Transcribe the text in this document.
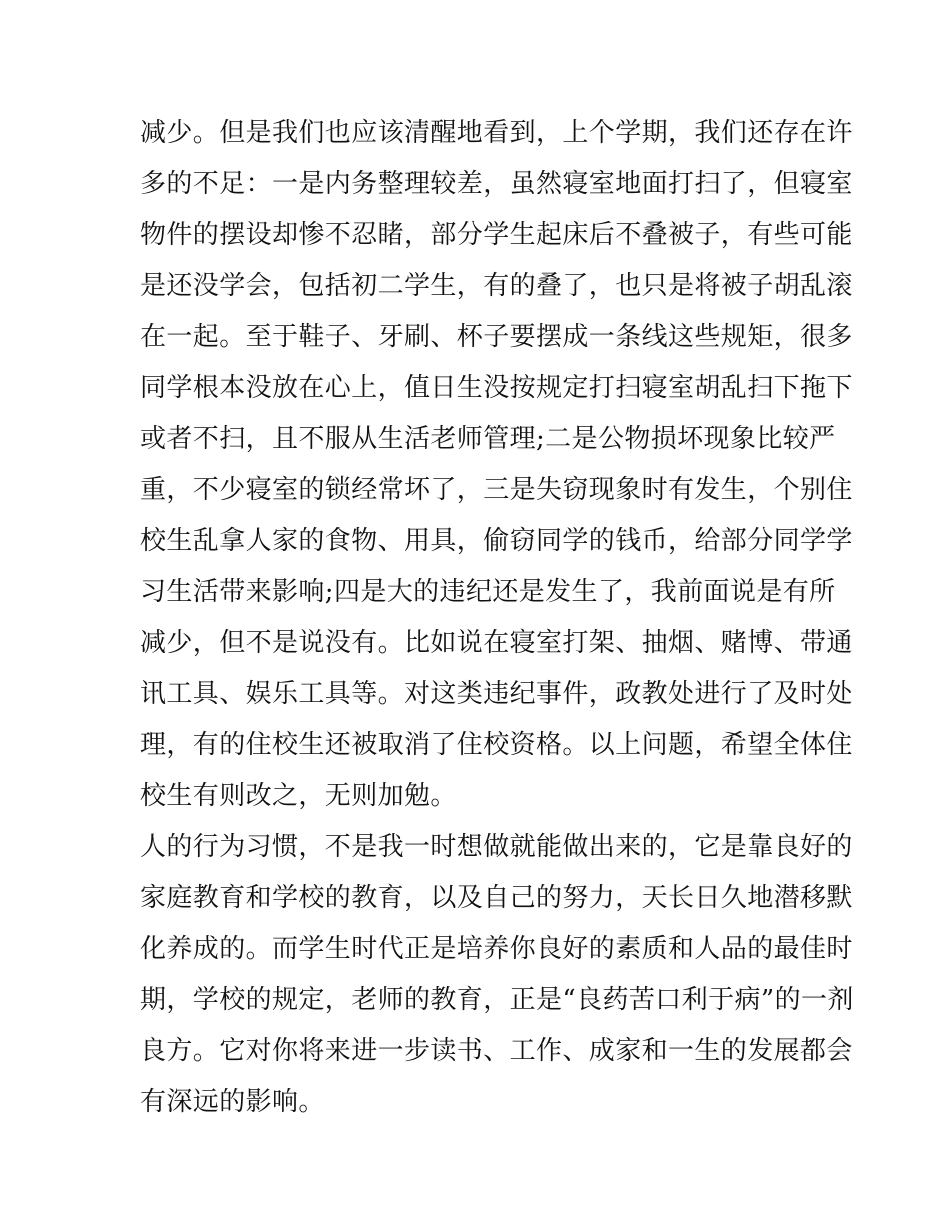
减少。但是我们也应该清醒地看到，上个学期，我们还存在许
多的不足：一是内务整理较差，虽然寝室地面打扫了，但寝室
物件的摆设却惨不忍睹，部分学生起床后不叠被子，有些可能
是还没学会，包括初二学生，有的叠了，也只是将被子胡乱滚
在一起。至于鞋子、牙刷、杯子要摆成一条线这些规矩，很多
同学根本没放在心上，值日生没按规定打扫寝室胡乱扫下拖下
或者不扫，且不服从生活老师管理;二是公物损坏现象比较严
重，不少寝室的锁经常坏了，三是失窃现象时有发生，个别住
校生乱拿人家的食物、用具，偷窃同学的钱币，给部分同学学
习生活带来影响;四是大的违纪还是发生了，我前面说是有所
减少，但不是说没有。比如说在寝室打架、抽烟、赌博、带通
讯工具、娱乐工具等。对这类违纪事件，政教处进行了及时处
理，有的住校生还被取消了住校资格。以上问题，希望全体住
校生有则改之，无则加勉。
人的行为习惯，不是我一时想做就能做出来的，它是靠良好的
家庭教育和学校的教育，以及自己的努力，天长日久地潜移默
化养成的。而学生时代正是培养你良好的素质和人品的最佳时
期，学校的规定，老师的教育，正是“良药苦口利于病”的一剂
良方。它对你将来进一步读书、工作、成家和一生的发展都会
有深远的影响。
